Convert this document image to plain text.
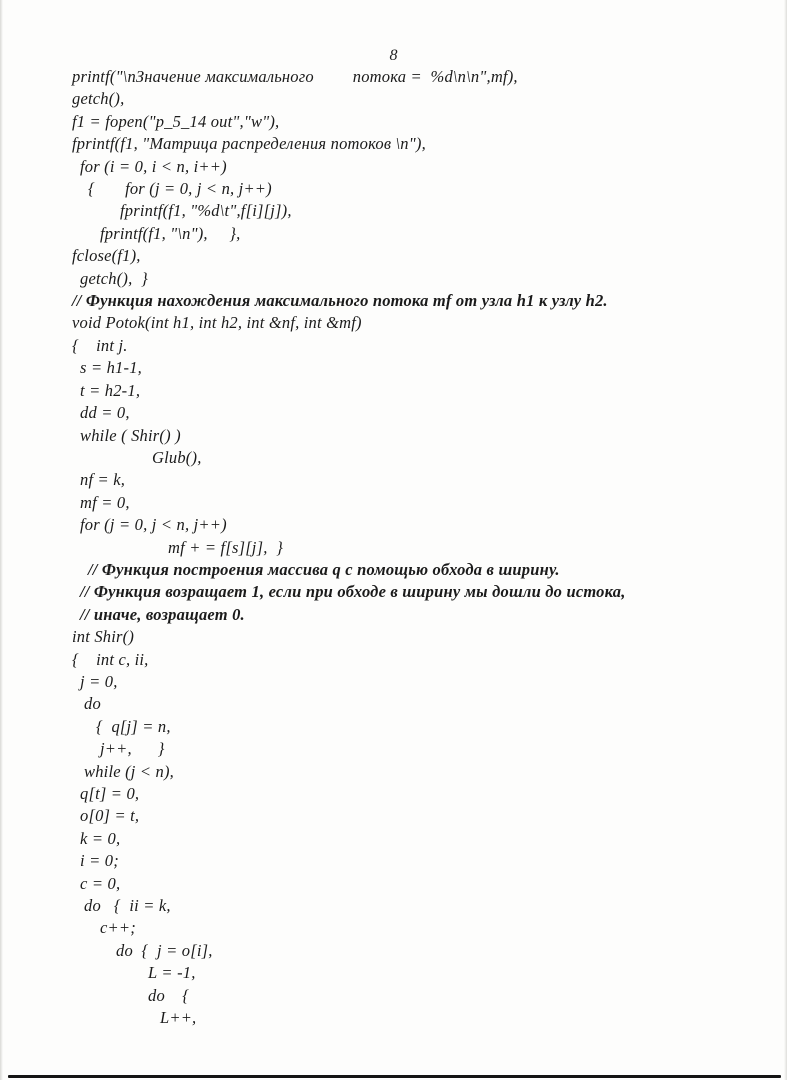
8
printf("\nЗначение максимального         потока =  %d\n\n",mf),
getch(),
f1 = fopen("p_5_14 out","w"),
fprintf(f1, "Матрица распределения потоков \n"),
for (i = 0, i < n, i++)
{       for (j = 0, j < n, j++)
fprintf(f1, "%d\t",f[i][j]),
fprintf(f1, "\n"),     },
fclose(f1),
getch(),  }
// Функция нахождения максимального потока mf от узла h1 к узлу h2.
void Potok(int h1, int h2, int &nf, int &mf)
{    int j.
s = h1-1,
t = h2-1,
dd = 0,
while ( Shir() )
Glub(),
nf = k,
mf = 0,
for (j = 0, j < n, j++)
mf + = f[s][j],  }
// Функция построения массива q с помощью обхода в ширину.
// Функция возращает 1, если при обходе в ширину мы дошли до истока,
// иначе, возращает 0.
int Shir()
{    int c, ii,
j = 0,
do
{  q[j] = n,
j++,      }
while (j < n),
q[t] = 0,
o[0] = t,
k = 0,
i = 0;
c = 0,
do   {  ii = k,
c++;
do  {  j = o[i],
L = -1,
do    {
L++,
